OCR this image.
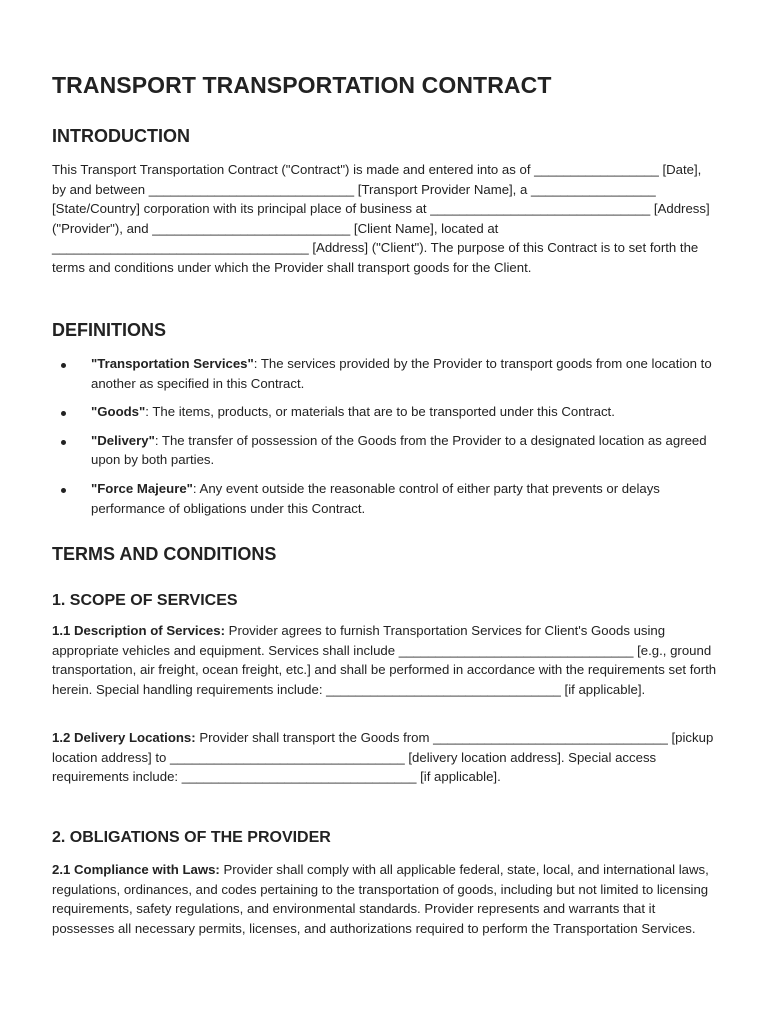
TRANSPORT TRANSPORTATION CONTRACT
INTRODUCTION

This Transport Transportation Contract ("Contract") is made and entered into as of _________________ [Date], by and between ____________________________ [Transport Provider Name], a _________________ [State/Country] corporation with its principal place of business at ______________________________ [Address] ("Provider"), and ___________________________ [Client Name], located at ___________________________________ [Address] ("Client"). The purpose of this Contract is to set forth the terms and conditions under which the Provider shall transport goods for the Client.

DEFINITIONS
"Transportation Services": The services provided by the Provider to transport goods from one location to another as specified in this Contract.
"Goods": The items, products, or materials that are to be transported under this Contract.
"Delivery": The transfer of possession of the Goods from the Provider to a designated location as agreed upon by both parties.
"Force Majeure": Any event outside the reasonable control of either party that prevents or delays performance of obligations under this Contract.
TERMS AND CONDITIONS
1. SCOPE OF SERVICES

1.1 Description of Services: Provider agrees to furnish Transportation Services for Client's Goods using appropriate vehicles and equipment. Services shall include ________________________________ [e.g., ground transportation, air freight, ocean freight, etc.] and shall be performed in accordance with the requirements set forth herein. Special handling requirements include: ________________________________ [if applicable].

1.2 Delivery Locations: Provider shall transport the Goods from ________________________________ [pickup location address] to ________________________________ [delivery location address]. Special access requirements include: ________________________________ [if applicable].

2. OBLIGATIONS OF THE PROVIDER

2.1 Compliance with Laws: Provider shall comply with all applicable federal, state, local, and international laws, regulations, ordinances, and codes pertaining to the transportation of goods, including but not limited to licensing requirements, safety regulations, and environmental standards. Provider represents and warrants that it possesses all necessary permits, licenses, and authorizations required to perform the Transportation Services.
